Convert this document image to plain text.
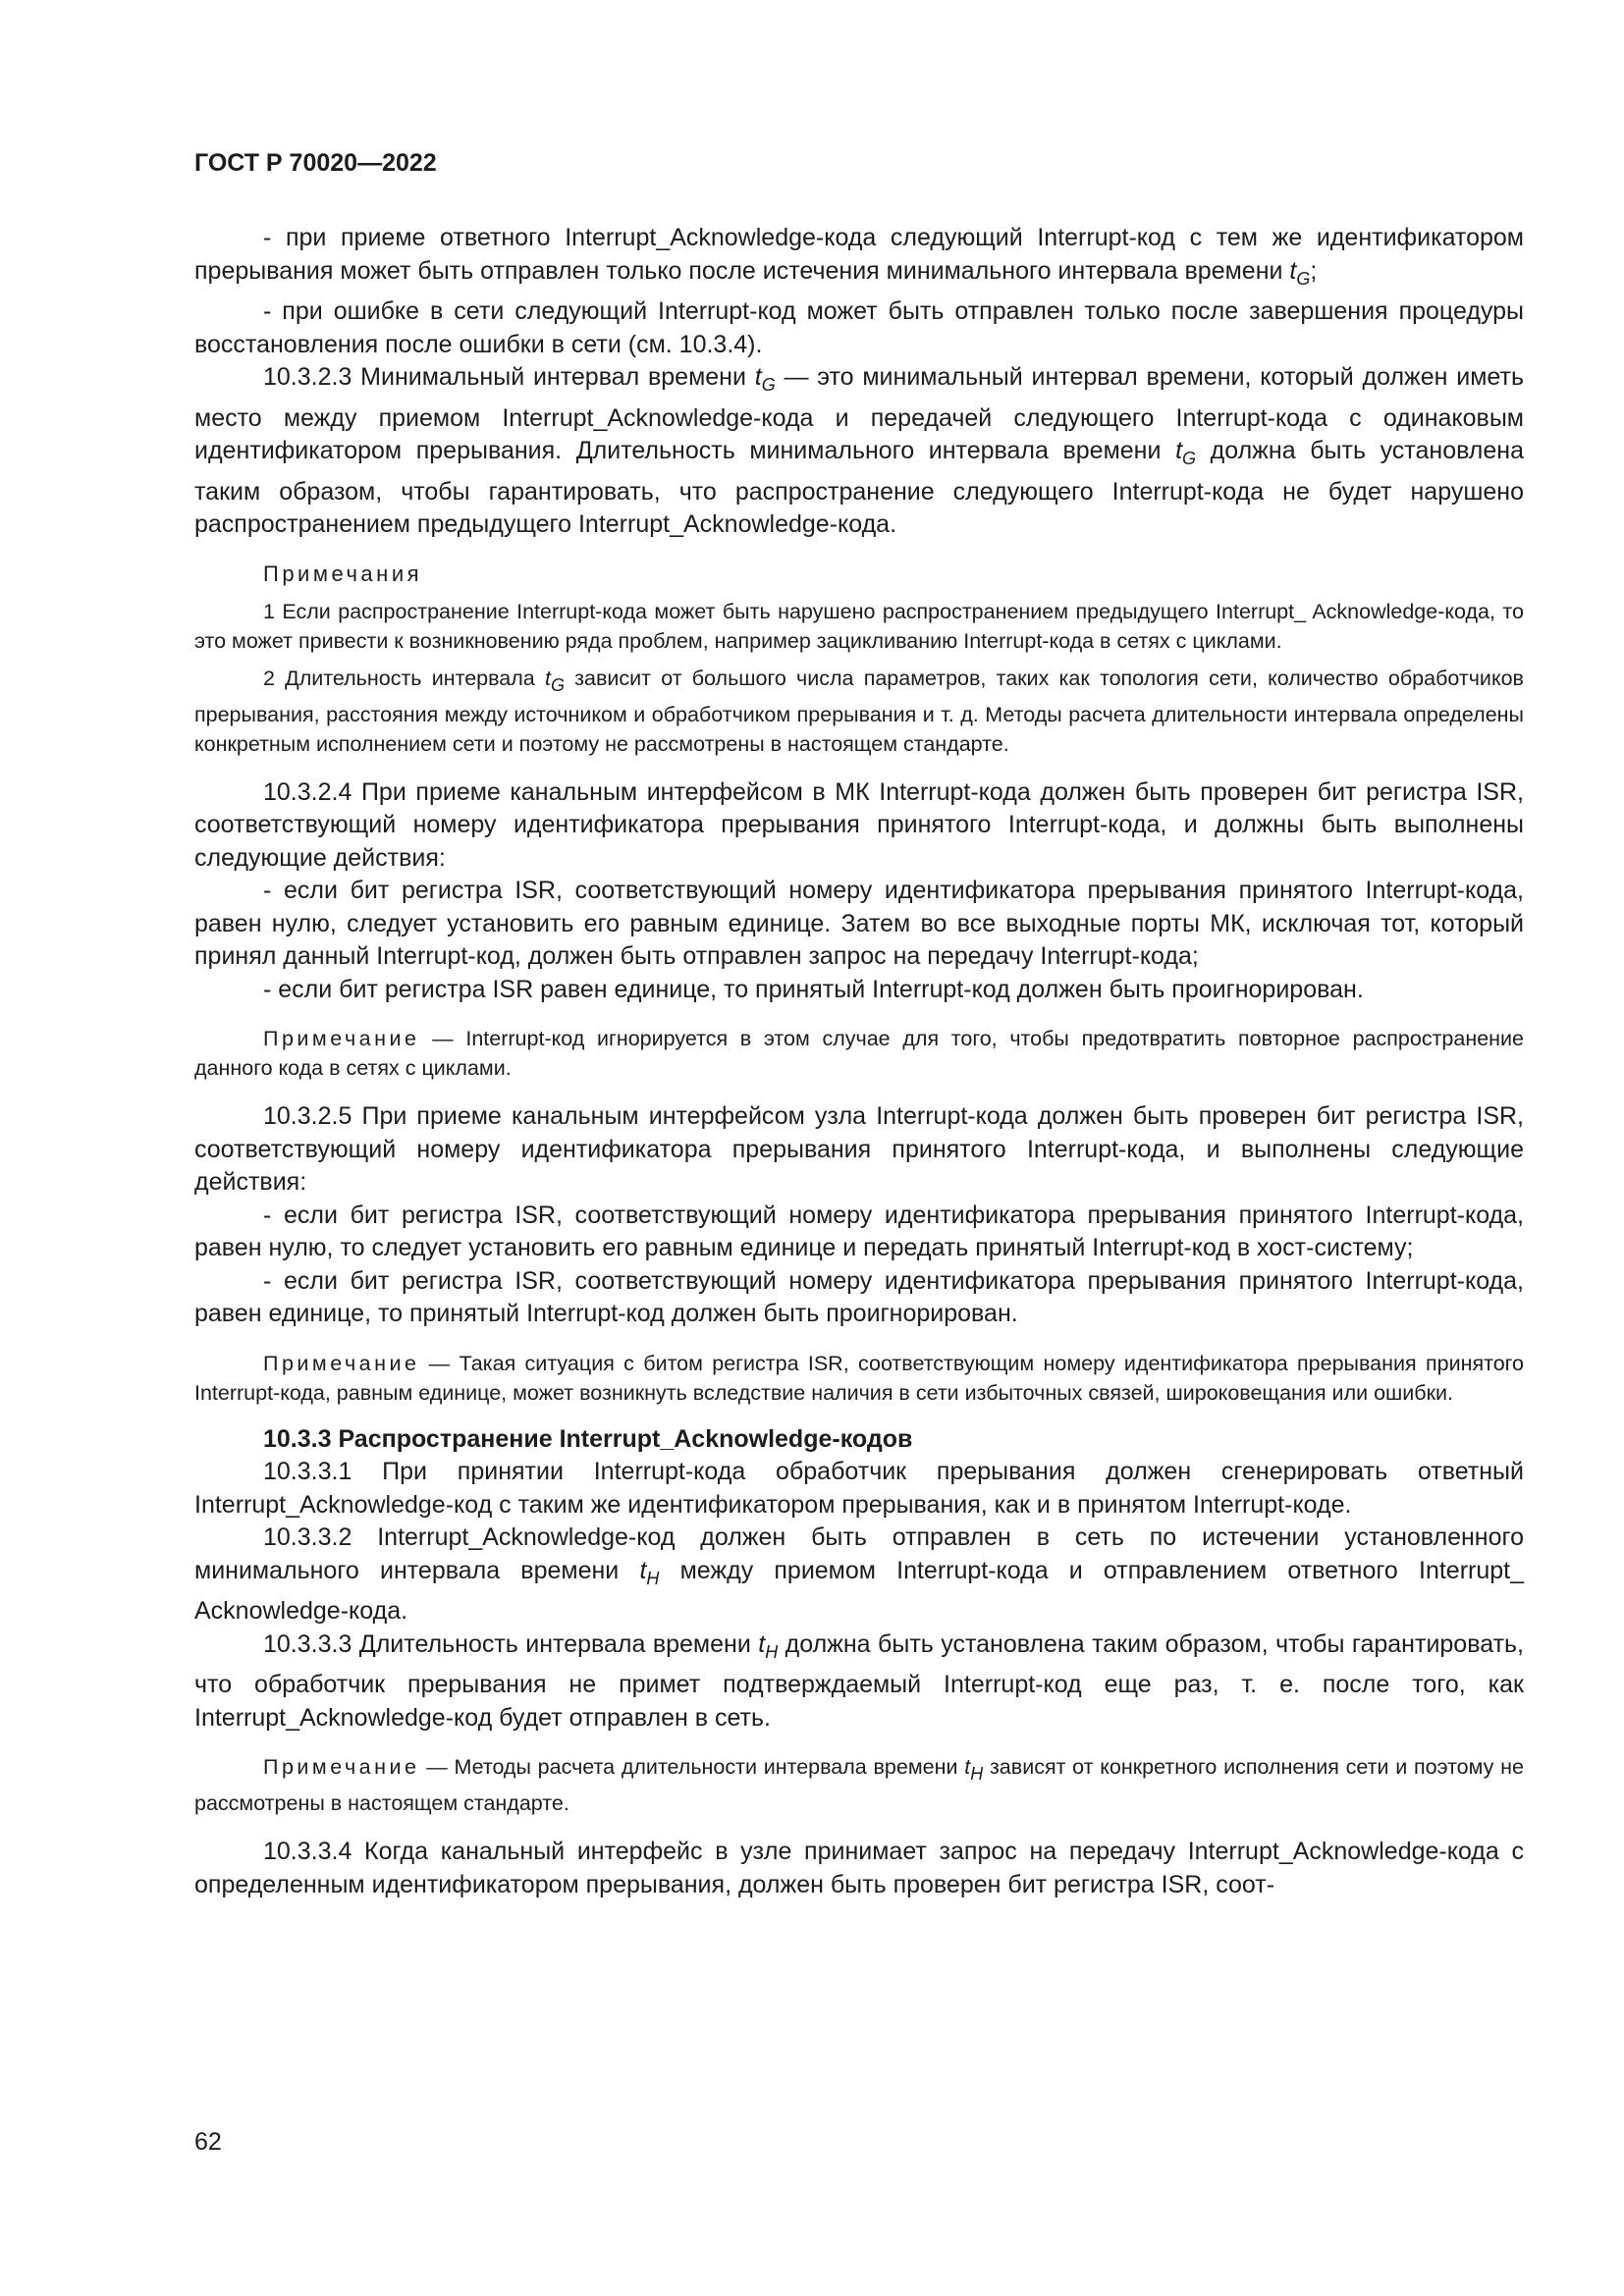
ГОСТ Р 70020—2022

- при приеме ответного Interrupt_Acknowledge-кода следующий Interrupt-код с тем же идентификатором прерывания может быть отправлен только после истечения минимального интервала времени $t_G$;

- при ошибке в сети следующий Interrupt-код может быть отправлен только после завершения процедуры восстановления после ошибки в сети (см. 10.3.4).

10.3.2.3 Минимальный интервал времени $t_G$ — это минимальный интервал времени, который должен иметь место между приемом Interrupt_Acknowledge-кода и передачей следующего Interrupt-кода с одинаковым идентификатором прерывания. Длительность минимального интервала времени $t_G$ должна быть установлена таким образом, чтобы гарантировать, что распространение следующего Interrupt-кода не будет нарушено распространением предыдущего Interrupt_Acknowledge-кода.

Примечания

1 Если распространение Interrupt-кода может быть нарушено распространением предыдущего Interrupt_ Acknowledge-кода, то это может привести к возникновению ряда проблем, например зацикливанию Interrupt-кода в сетях с циклами.

2 Длительность интервала $t_G$ зависит от большого числа параметров, таких как топология сети, количество обработчиков прерывания, расстояния между источником и обработчиком прерывания и т. д. Методы расчета длительности интервала определены конкретным исполнением сети и поэтому не рассмотрены в настоящем стандарте.

10.3.2.4 При приеме канальным интерфейсом в МК Interrupt-кода должен быть проверен бит регистра ISR, соответствующий номеру идентификатора прерывания принятого Interrupt-кода, и должны быть выполнены следующие действия:

- если бит регистра ISR, соответствующий номеру идентификатора прерывания принятого Interrupt-кода, равен нулю, следует установить его равным единице. Затем во все выходные порты МК, исключая тот, который принял данный Interrupt-код, должен быть отправлен запрос на передачу Interrupt-кода;

- если бит регистра ISR равен единице, то принятый Interrupt-код должен быть проигнорирован.

Примечание — Interrupt-код игнорируется в этом случае для того, чтобы предотвратить повторное распространение данного кода в сетях с циклами.

10.3.2.5 При приеме канальным интерфейсом узла Interrupt-кода должен быть проверен бит регистра ISR, соответствующий номеру идентификатора прерывания принятого Interrupt-кода, и выполнены следующие действия:

- если бит регистра ISR, соответствующий номеру идентификатора прерывания принятого Interrupt-кода, равен нулю, то следует установить его равным единице и передать принятый Interrupt-код в хост-систему;

- если бит регистра ISR, соответствующий номеру идентификатора прерывания принятого Interrupt-кода, равен единице, то принятый Interrupt-код должен быть проигнорирован.

Примечание — Такая ситуация с битом регистра ISR, соответствующим номеру идентификатора прерывания принятого Interrupt-кода, равным единице, может возникнуть вследствие наличия в сети избыточных связей, широковещания или ошибки.

10.3.3 Распространение Interrupt_Acknowledge-кодов

10.3.3.1 При принятии Interrupt-кода обработчик прерывания должен сгенерировать ответный Interrupt_Acknowledge-код с таким же идентификатором прерывания, как и в принятом Interrupt-коде.

10.3.3.2 Interrupt_Acknowledge-код должен быть отправлен в сеть по истечении установленного минимального интервала времени $t_H$ между приемом Interrupt-кода и отправлением ответного Interrupt_ Acknowledge-кода.

10.3.3.3 Длительность интервала времени $t_H$ должна быть установлена таким образом, чтобы гарантировать, что обработчик прерывания не примет подтверждаемый Interrupt-код еще раз, т. е. после того, как Interrupt_Acknowledge-код будет отправлен в сеть.

Примечание — Методы расчета длительности интервала времени $t_H$ зависят от конкретного исполнения сети и поэтому не рассмотрены в настоящем стандарте.

10.3.3.4 Когда канальный интерфейс в узле принимает запрос на передачу Interrupt_Acknowledge-кода с определенным идентификатором прерывания, должен быть проверен бит регистра ISR, соот-

62
